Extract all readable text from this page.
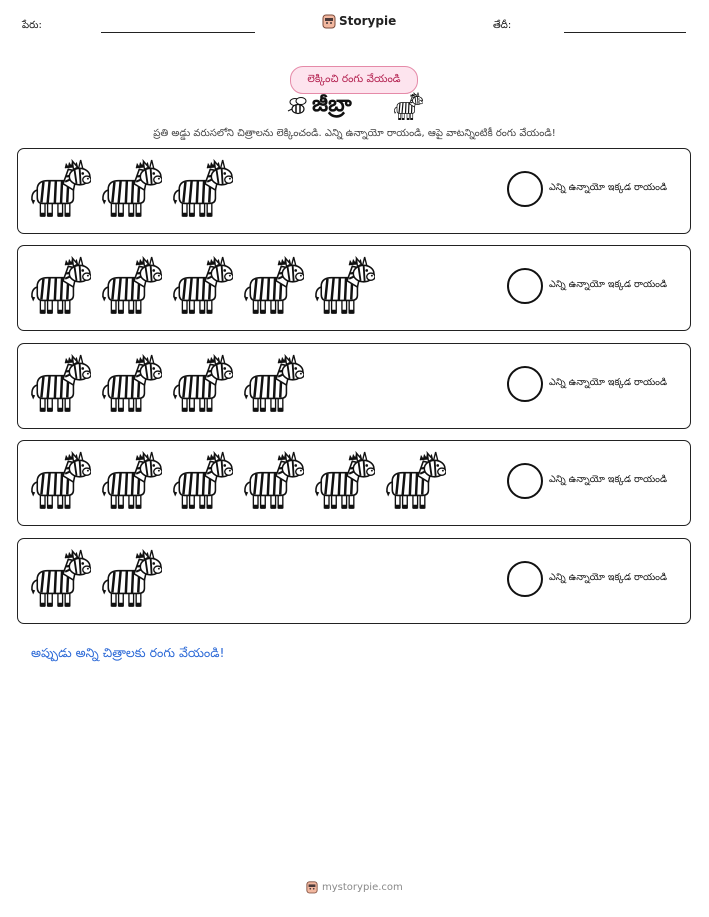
పేరు:	Storypie	తేదీ:
లెక్కించి రంగు వేయండి
జీబ్రా
ప్రతి అడ్డు వరుసలోని చిత్రాలను లెక్కించండి. ఎన్ని ఉన్నాయో రాయండి, ఆపై వాటన్నింటికీ రంగు వేయండి!
ఎన్ని ఉన్నాయో ఇక్కడ రాయండి
ఎన్ని ఉన్నాయో ఇక్కడ రాయండి
ఎన్ని ఉన్నాయో ఇక్కడ రాయండి
ఎన్ని ఉన్నాయో ఇక్కడ రాయండి
ఎన్ని ఉన్నాయో ఇక్కడ రాయండి
అప్పుడు అన్ని చిత్రాలకు రంగు వేయండి!
mystorypie.com
